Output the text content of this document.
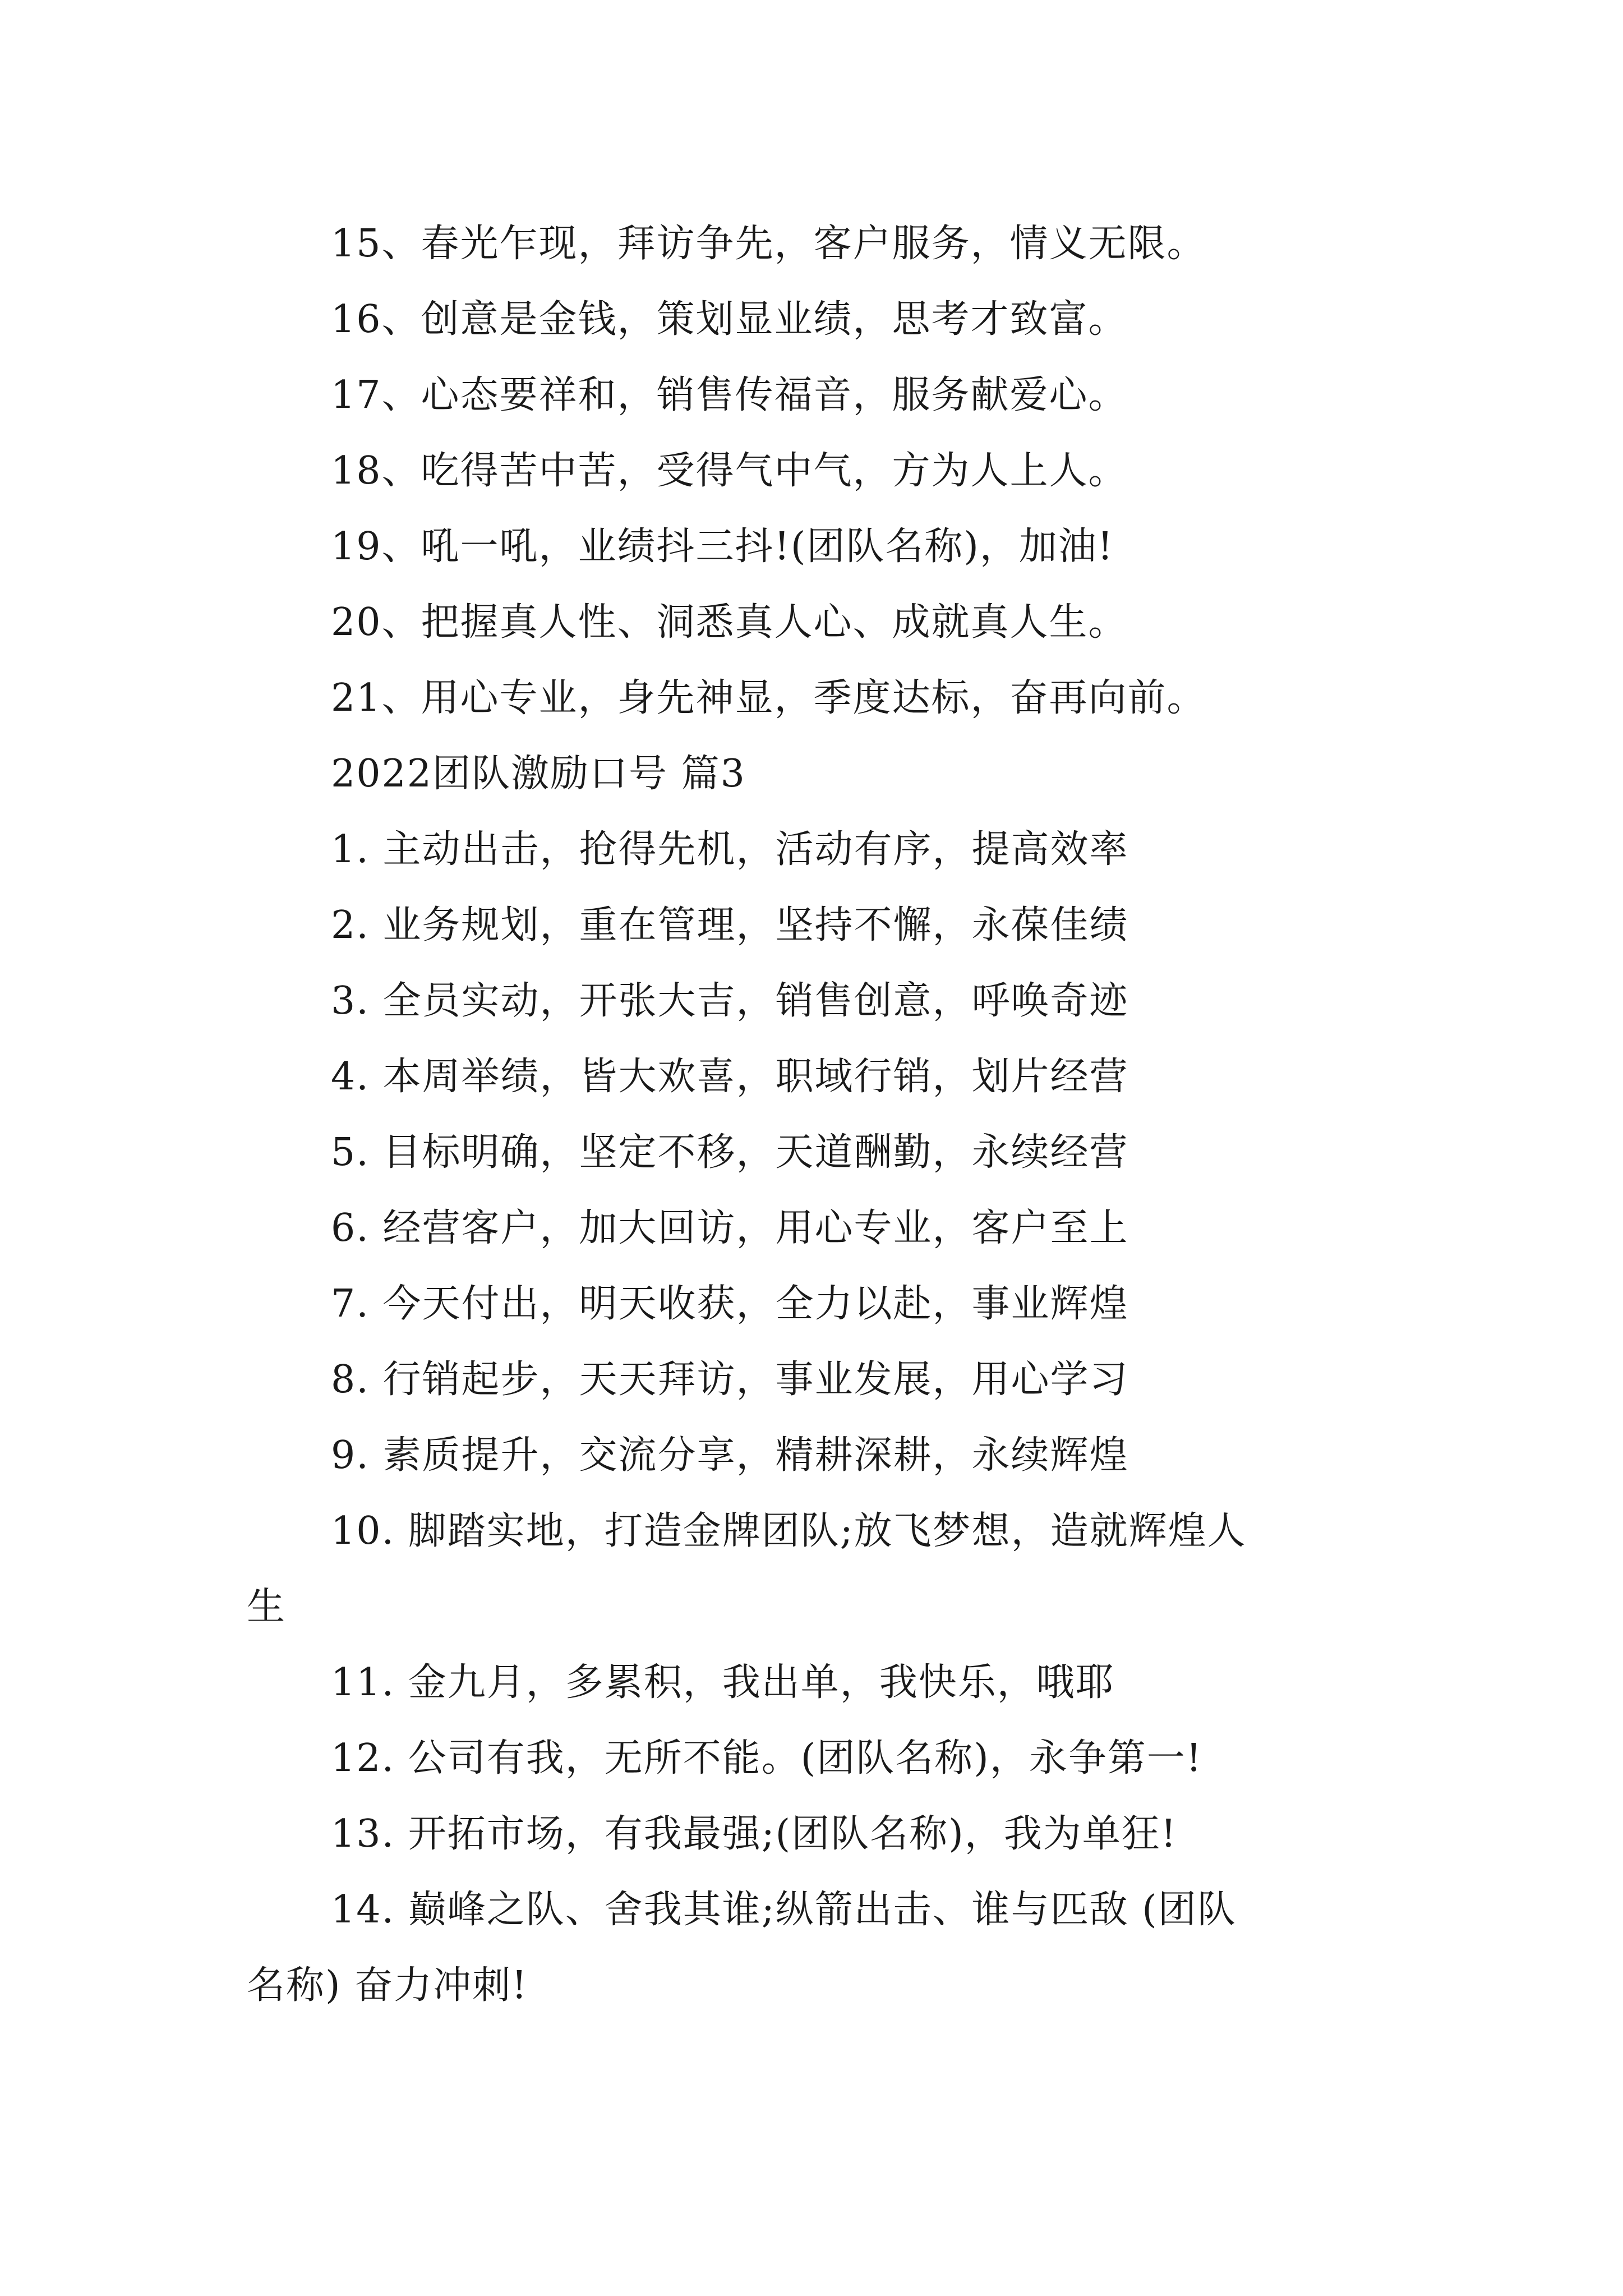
15、春光乍现，拜访争先，客户服务，情义无限。
16、创意是金钱，策划显业绩，思考才致富。
17、心态要祥和，销售传福音，服务献爱心。
18、吃得苦中苦，受得气中气，方为人上人。
19、吼一吼，业绩抖三抖!(团队名称)，加油!
20、把握真人性、洞悉真人心、成就真人生。
21、用心专业，身先神显，季度达标，奋再向前。
2022团队激励口号 篇3
1. 主动出击，抢得先机，活动有序，提高效率
2. 业务规划，重在管理，坚持不懈，永葆佳绩
3. 全员实动，开张大吉，销售创意，呼唤奇迹
4. 本周举绩，皆大欢喜，职域行销，划片经营
5. 目标明确，坚定不移，天道酬勤，永续经营
6. 经营客户，加大回访，用心专业，客户至上
7. 今天付出，明天收获，全力以赴，事业辉煌
8. 行销起步，天天拜访，事业发展，用心学习
9. 素质提升，交流分享，精耕深耕，永续辉煌
10. 脚踏实地，打造金牌团队;放飞梦想，造就辉煌人
生
11. 金九月，多累积，我出单，我快乐，哦耶
12. 公司有我，无所不能。(团队名称)，永争第一!
13. 开拓市场，有我最强;(团队名称)，我为单狂!
14. 巅峰之队、舍我其谁;纵箭出击、谁与匹敌 (团队
名称) 奋力冲刺!
